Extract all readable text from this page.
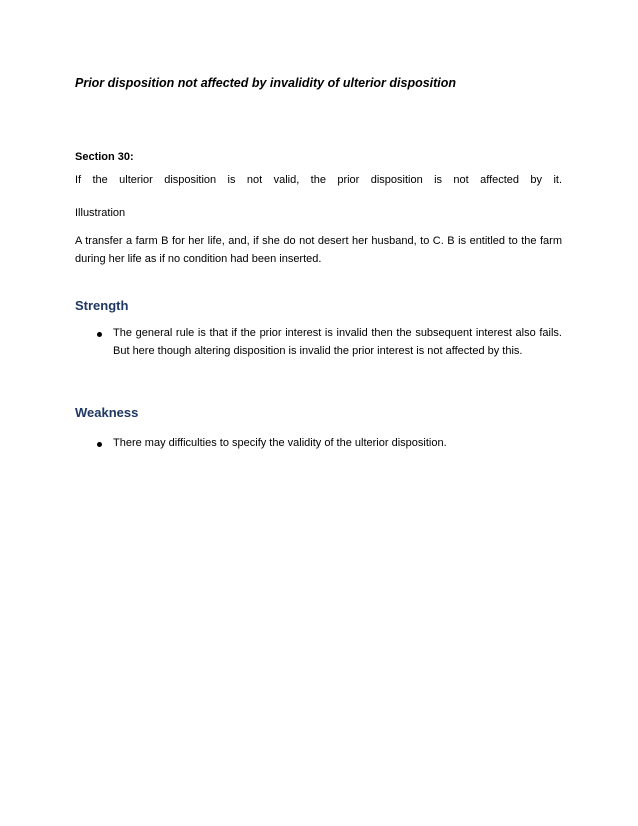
Prior disposition not affected by invalidity of ulterior disposition
Section 30:
If the ulterior disposition is not valid, the prior disposition is not affected by it.
Illustration
A transfer a farm B for her life, and, if she do not desert her husband, to C. B is entitled to the farm during her life as if no condition had been inserted.
Strength
The general rule is that if the prior interest is invalid then the subsequent interest also fails. But here though altering disposition is invalid the prior interest is not affected by this.
Weakness
There may difficulties to specify the validity of the ulterior disposition.
